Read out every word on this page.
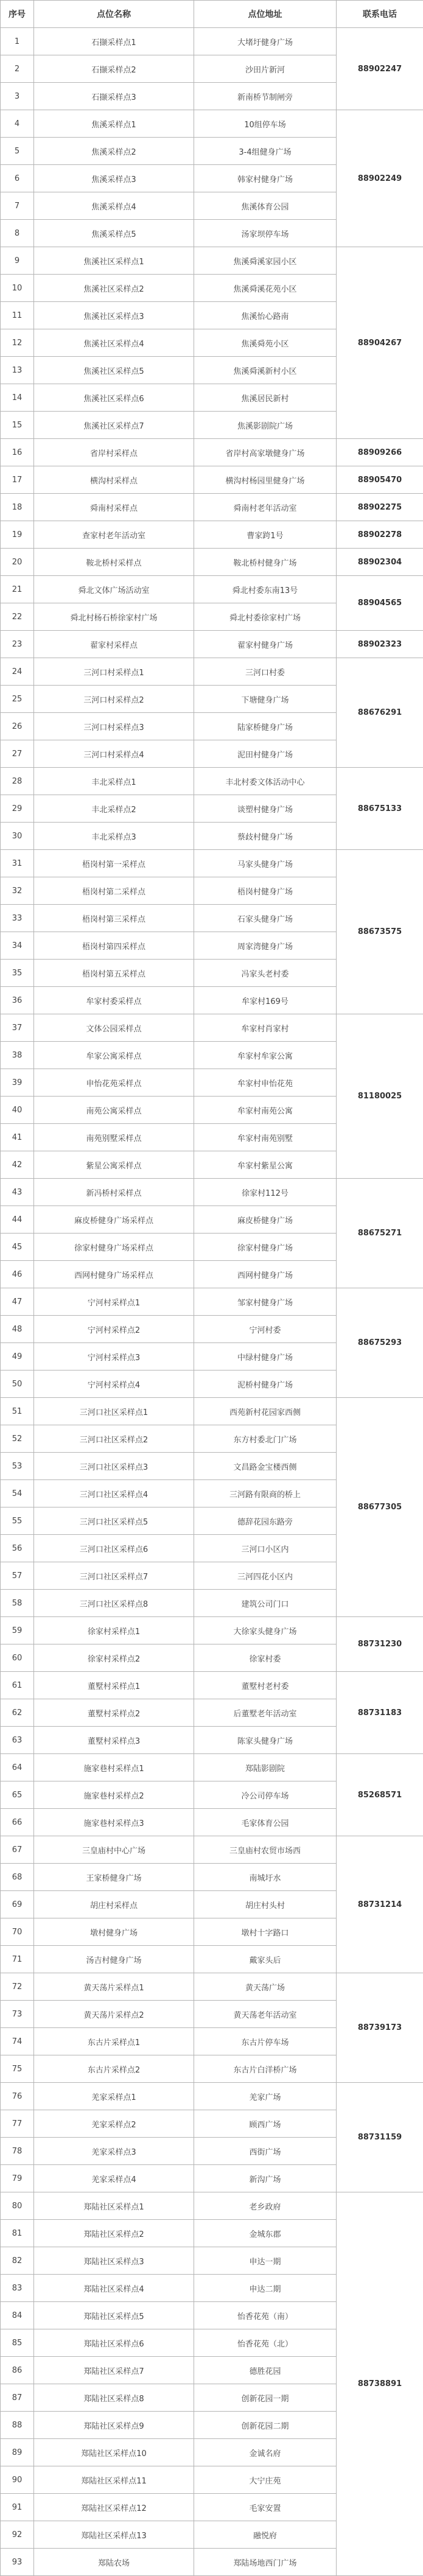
序号	点位名称	点位地址	联系电话
1	石撷采样点1	大堵圩健身广场	88902247
2	石撷采样点2	沙田片新河	
3	石撷采样点3	新南桥节制闸旁	
4	焦溪采样点1	10组停车场	88902249
5	焦溪采样点2	3-4组健身广场	
6	焦溪采样点3	韩家村健身广场	
7	焦溪采样点4	焦溪体育公园	
8	焦溪采样点5	汤家坝停车场	
9	焦溪社区采样点1	焦溪舜溪家园小区	88904267
10	焦溪社区采样点2	焦溪舜溪花苑小区	
11	焦溪社区采样点3	焦溪怡心路南	
12	焦溪社区采样点4	焦溪舜苑小区	
13	焦溪社区采样点5	焦溪舜溪新村小区	
14	焦溪社区采样点6	焦溪居民新村	
15	焦溪社区采样点7	焦溪影剧院广场	
16	省岸村采样点	省岸村高家墩健身广场	88909266
17	横沟村采样点	横沟村杨园里健身广场	88905470
18	舜南村采样点	舜南村老年活动室	88902275
19	查家村老年活动室	曹家跨1号	88902278
20	鞍北桥村采样点	鞍北桥村健身广场	88902304
21	舜北文体广场活动室	舜北村委东南13号	88904565
22	舜北村杨石桥徐家村广场	舜北村委徐家村广场	
23	翟家村采样点	翟家村健身广场	88902323
24	三河口村采样点1	三河口村委	88676291
25	三河口村采样点2	下塘健身广场	
26	三河口村采样点3	陆家桥健身广场	
27	三河口村采样点4	泥田村健身广场	
28	丰北采样点1	丰北村委文体活动中心	88675133
29	丰北采样点2	谈塑村健身广场	
30	丰北采样点3	蔡歧村健身广场	
31	梧岗村第一采样点	马家头健身广场	88673575
32	梧岗村第二采样点	梧岗村健身广场	
33	梧岗村第三采样点	石家头健身广场	
34	梧岗村第四采样点	周家湾健身广场	
35	梧岗村第五采样点	冯家头老村委	
36	牟家村委采样点	牟家村169号	
37	文体公园采样点	牟家村肖家村	81180025
38	牟家公寓采样点	牟家村牟家公寓	
39	申怡花苑采样点	牟家村申怡花苑	
40	南苑公寓采样点	牟家村南苑公寓	
41	南苑别墅采样点	牟家村南苑别墅	
42	紫星公寓采样点	牟家村紫星公寓	
43	新冯桥村采样点	徐家村112号	88675271
44	麻皮桥健身广场采样点	麻皮桥健身广场	
45	徐家村健身广场采样点	徐家村健身广场	
46	西网村健身广场采样点	西网村健身广场	
47	宁河村采样点1	邹家村健身广场	88675293
48	宁河村采样点2	宁河村委	
49	宁河村采样点3	中绿村健身广场	
50	宁河村采样点4	泥桥村健身广场	
51	三河口社区采样点1	西苑新村花园家西侧	88677305
52	三河口社区采样点2	东方村委北门广场	
53	三河口社区采样点3	文昌路金宝楼西侧	
54	三河口社区采样点4	三河路有限商的桥上	
55	三河口社区采样点5	德辞花园东路旁	
56	三河口社区采样点6	三河口小区内	
57	三河口社区采样点7	三河四花小区内	
58	三河口社区采样点8	建筑公司门口	
59	徐家村采样点1	大徐家头健身广场	88731230
60	徐家村采样点2	徐家村委	
61	董墅村采样点1	董墅村老村委	88731183
62	董墅村采样点2	后董墅老年活动室	
63	董墅村采样点3	陈家头健身广场	
64	施家巷村采样点1	郑陆影剧院	85268571
65	施家巷村采样点2	冷公司停车场	
66	施家巷村采样点3	毛家体育公园	
67	三皇庙村中心广场	三皇庙村农贸市场西	88731214
68	王家桥健身广场	南城圩水	
69	胡庄村采样点	胡庄村头村	
70	墩村健身广场	墩村十字路口	
71	汤吉村健身广场	戴家头后	
72	黄天荡片采样点1	黄天荡广场	88739173
73	黄天荡片采样点2	黄天荡老年活动室	
74	东古片采样点1	东古片停车场	
75	东古片采样点2	东古片白洋桥广场	
76	羌家采样点1	羌家广场	88731159
77	羌家采样点2	顾西广场	
78	羌家采样点3	西街广场	
79	羌家采样点4	新沟广场	
80	郑陆社区采样点1	老乡政府	88738891
81	郑陆社区采样点2	金城东郡	
82	郑陆社区采样点3	申达一期	
83	郑陆社区采样点4	申达二期	
84	郑陆社区采样点5	怡香花苑（南）	
85	郑陆社区采样点6	怡香花苑（北）	
86	郑陆社区采样点7	德胜花园	
87	郑陆社区采样点8	创新花园一期	
88	郑陆社区采样点9	创新花园二期	
89	郑陆社区采样点10	金诚名府	
90	郑陆社区采样点11	大宁庄苑	
91	郑陆社区采样点12	毛家安置	
92	郑陆社区采样点13	融悦府	
93	郑陆农场	郑陆场地西门广场	
